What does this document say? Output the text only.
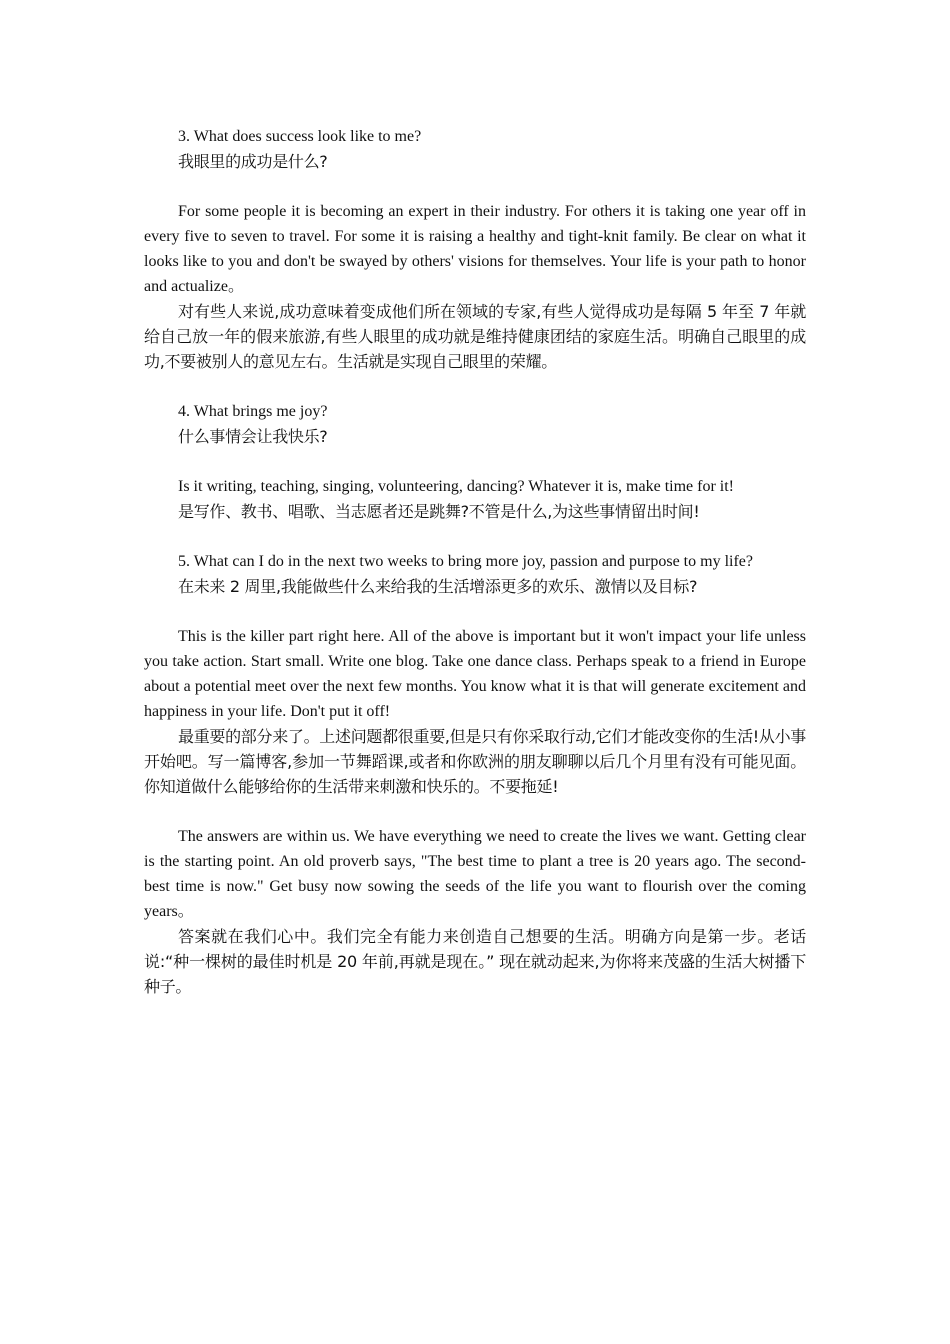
3. What does success look like to me?

我眼里的成功是什么?

For some people it is becoming an expert in their industry. For others it is taking one year off in every five to seven to travel. For some it is raising a healthy and tight-knit family. Be clear on what it looks like to you and don't be swayed by others' visions for themselves. Your life is your path to honor and actualize。

对有些人来说,成功意味着变成他们所在领域的专家,有些人觉得成功是每隔 5 年至 7 年就给自己放一年的假来旅游,有些人眼里的成功就是维持健康团结的家庭生活。明确自己眼里的成功,不要被别人的意见左右。生活就是实现自己眼里的荣耀。

4. What brings me joy?

什么事情会让我快乐?

Is it writing, teaching, singing, volunteering, dancing? Whatever it is, make time for it!

是写作、教书、唱歌、当志愿者还是跳舞?不管是什么,为这些事情留出时间!

5. What can I do in the next two weeks to bring more joy, passion and purpose to my life?

在未来 2 周里,我能做些什么来给我的生活增添更多的欢乐、激情以及目标?

This is the killer part right here. All of the above is important but it won't impact your life unless you take action. Start small. Write one blog. Take one dance class. Perhaps speak to a friend in Europe about a potential meet over the next few months. You know what it is that will generate excitement and happiness in your life. Don't put it off!

最重要的部分来了。上述问题都很重要,但是只有你采取行动,它们才能改变你的生活!从小事开始吧。写一篇博客,参加一节舞蹈课,或者和你欧洲的朋友聊聊以后几个月里有没有可能见面。你知道做什么能够给你的生活带来刺激和快乐的。不要拖延!

The answers are within us. We have everything we need to create the lives we want. Getting clear is the starting point. An old proverb says, "The best time to plant a tree is 20 years ago. The second-best time is now." Get busy now sowing the seeds of the life you want to flourish over the coming years。

答案就在我们心中。我们完全有能力来创造自己想要的生活。明确方向是第一步。老话说:“种一棵树的最佳时机是 20 年前,再就是现在。” 现在就动起来,为你将来茂盛的生活大树播下种子。
